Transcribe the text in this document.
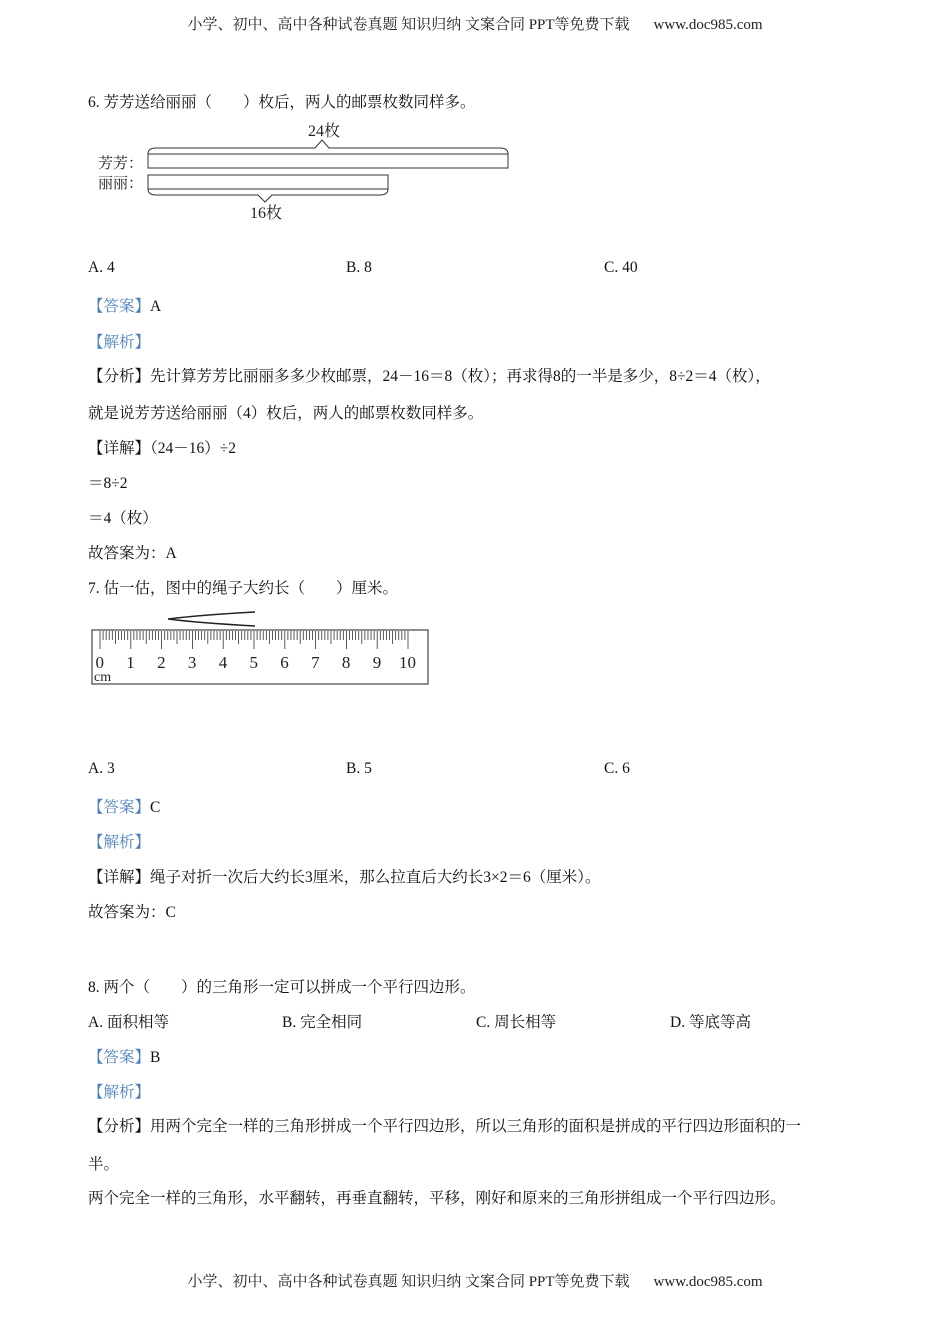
小学、初中、高中各种试卷真题 知识归纳 文案合同 PPT等免费下载 www.doc985.com
6. 芳芳送给丽丽（　　）枚后，两人的邮票枚数同样多。
24枚
芳芳：
丽丽：
16枚
A. 4	B. 8	C. 40
【答案】A
【解析】
【分析】先计算芳芳比丽丽多多少枚邮票，24－16＝8（枚）；再求得8的一半是多少，8÷2＝4（枚），
就是说芳芳送给丽丽（4）枚后，两人的邮票枚数同样多。
【详解】（24－16）÷2
＝8÷2
＝4（枚）
故答案为：A
7. 估一估，图中的绳子大约长（　　）厘米。
0 1 2 3 4 5 6 7 8 9 10
cm
A. 3	B. 5	C. 6
【答案】C
【解析】
【详解】绳子对折一次后大约长3厘米，那么拉直后大约长3×2＝6（厘米）。
故答案为：C
8. 两个（　　）的三角形一定可以拼成一个平行四边形。
A. 面积相等	B. 完全相同	C. 周长相等	D. 等底等高
【答案】B
【解析】
【分析】用两个完全一样的三角形拼成一个平行四边形，所以三角形的面积是拼成的平行四边形面积的一
半。
两个完全一样的三角形，水平翻转，再垂直翻转，平移，刚好和原来的三角形拼组成一个平行四边形。
小学、初中、高中各种试卷真题 知识归纳 文案合同 PPT等免费下载 www.doc985.com
